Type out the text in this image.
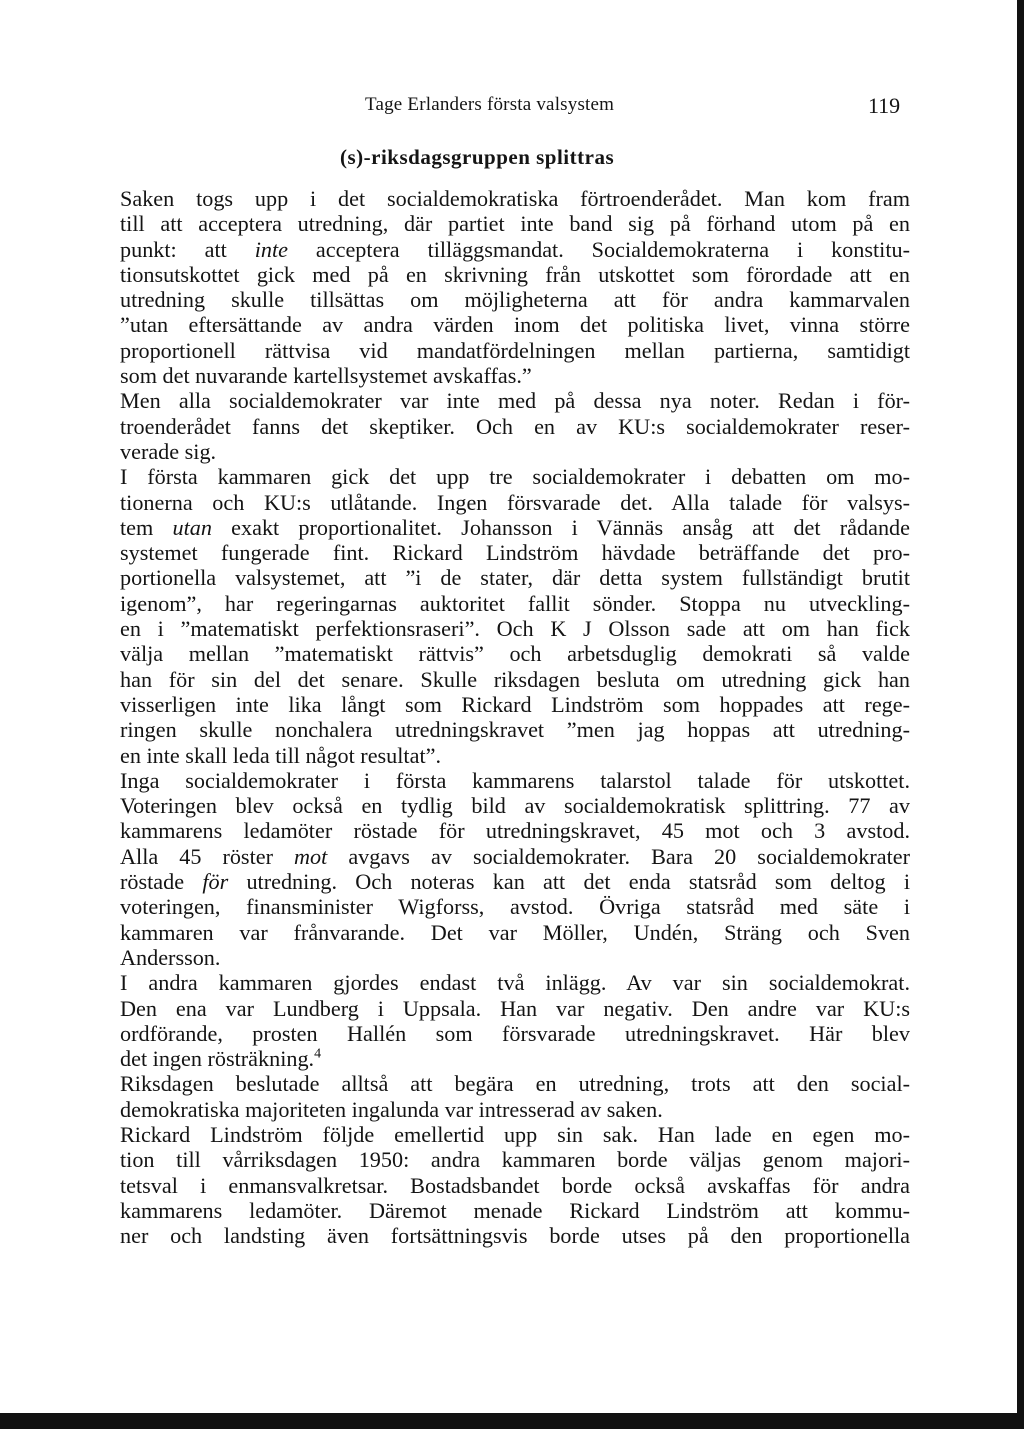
Tage Erlanders första valsystem	119
(s)-riksdagsgruppen splittras
Saken togs upp i det socialdemokratiska förtroenderådet. Man kom fram
till att acceptera utredning, där partiet inte band sig på förhand utom på en
punkt: att inte acceptera tilläggsmandat. Socialdemokraterna i konstitu-
tionsutskottet gick med på en skrivning från utskottet som förordade att en
utredning skulle tillsättas om möjligheterna att för andra kammarvalen
”utan eftersättande av andra värden inom det politiska livet, vinna större
proportionell rättvisa vid mandatfördelningen mellan partierna, samtidigt
som det nuvarande kartellsystemet avskaffas.”
Men alla socialdemokrater var inte med på dessa nya noter. Redan i för-
troenderådet fanns det skeptiker. Och en av KU:s socialdemokrater reser-
verade sig.
I första kammaren gick det upp tre socialdemokrater i debatten om mo-
tionerna och KU:s utlåtande. Ingen försvarade det. Alla talade för valsys-
tem utan exakt proportionalitet. Johansson i Vännäs ansåg att det rådande
systemet fungerade fint. Rickard Lindström hävdade beträffande det pro-
portionella valsystemet, att ”i de stater, där detta system fullständigt brutit
igenom”, har regeringarnas auktoritet fallit sönder. Stoppa nu utveckling-
en i ”matematiskt perfektionsraseri”. Och K J Olsson sade att om han fick
välja mellan ”matematiskt rättvis” och arbetsduglig demokrati så valde
han för sin del det senare. Skulle riksdagen besluta om utredning gick han
visserligen inte lika långt som Rickard Lindström som hoppades att rege-
ringen skulle nonchalera utredningskravet ”men jag hoppas att utredning-
en inte skall leda till något resultat”.
Inga socialdemokrater i första kammarens talarstol talade för utskottet.
Voteringen blev också en tydlig bild av socialdemokratisk splittring. 77 av
kammarens ledamöter röstade för utredningskravet, 45 mot och 3 avstod.
Alla 45 röster mot avgavs av socialdemokrater. Bara 20 socialdemokrater
röstade för utredning. Och noteras kan att det enda statsråd som deltog i
voteringen, finansminister Wigforss, avstod. Övriga statsråd med säte i
kammaren var frånvarande. Det var Möller, Undén, Sträng och Sven
Andersson.
I andra kammaren gjordes endast två inlägg. Av var sin socialdemokrat.
Den ena var Lundberg i Uppsala. Han var negativ. Den andre var KU:s
ordförande, prosten Hallén som försvarade utredningskravet. Här blev
det ingen rösträkning.$^4$
Riksdagen beslutade alltså att begära en utredning, trots att den social-
demokratiska majoriteten ingalunda var intresserad av saken.
Rickard Lindström följde emellertid upp sin sak. Han lade en egen mo-
tion till vårriksdagen 1950: andra kammaren borde väljas genom majori-
tetsval i enmansvalkretsar. Bostadsbandet borde också avskaffas för andra
kammarens ledamöter. Däremot menade Rickard Lindström att kommu-
ner och landsting även fortsättningsvis borde utses på den proportionella
